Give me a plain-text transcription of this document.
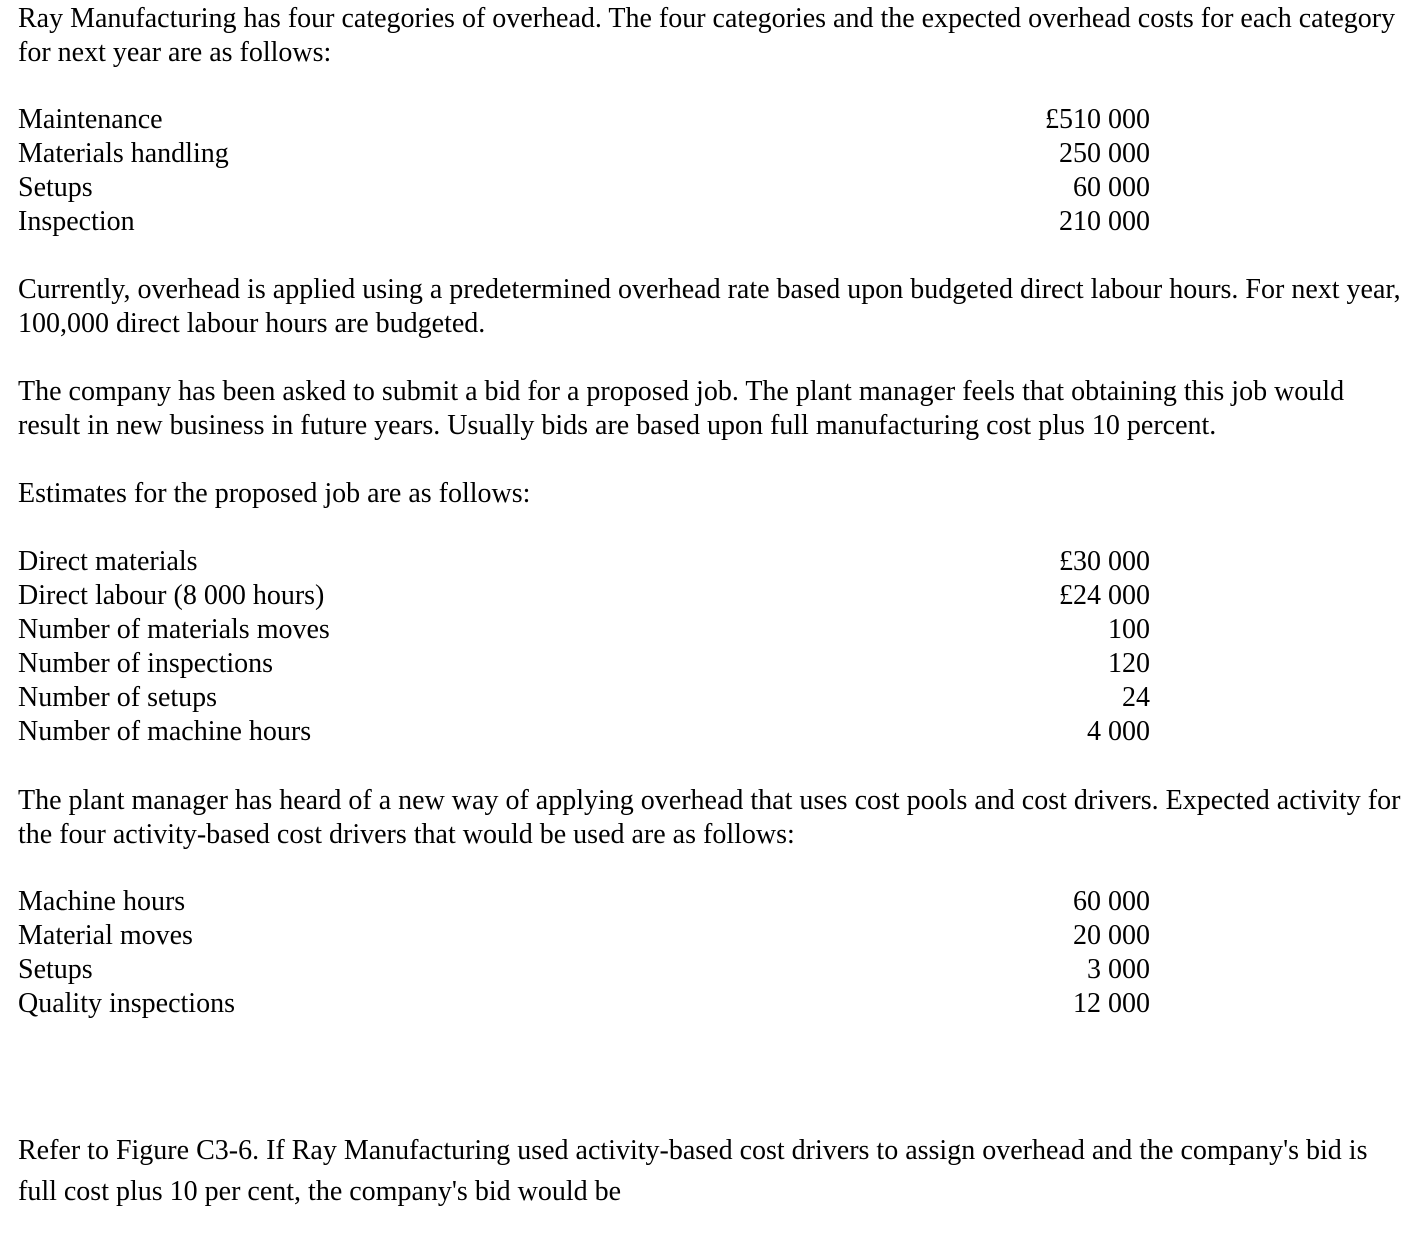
Ray Manufacturing has four categories of overhead. The four categories and the expected overhead costs for each category for next year are as follows:

Maintenance	£510 000
Materials handling	250 000
Setups	60 000
Inspection	210 000

Currently, overhead is applied using a predetermined overhead rate based upon budgeted direct labour hours. For next year, 100,000 direct labour hours are budgeted.

The company has been asked to submit a bid for a proposed job. The plant manager feels that obtaining this job would result in new business in future years. Usually bids are based upon full manufacturing cost plus 10 percent.

Estimates for the proposed job are as follows:

Direct materials	£30 000
Direct labour (8 000 hours)	£24 000
Number of materials moves	100
Number of inspections	120
Number of setups	24
Number of machine hours	4 000

The plant manager has heard of a new way of applying overhead that uses cost pools and cost drivers. Expected activity for the four activity-based cost drivers that would be used are as follows:

Machine hours	60 000
Material moves	20 000
Setups	3 000
Quality inspections	12 000

Refer to Figure C3-6. If Ray Manufacturing used activity-based cost drivers to assign overhead and the company's bid is full cost plus 10 per cent, the company's bid would be
